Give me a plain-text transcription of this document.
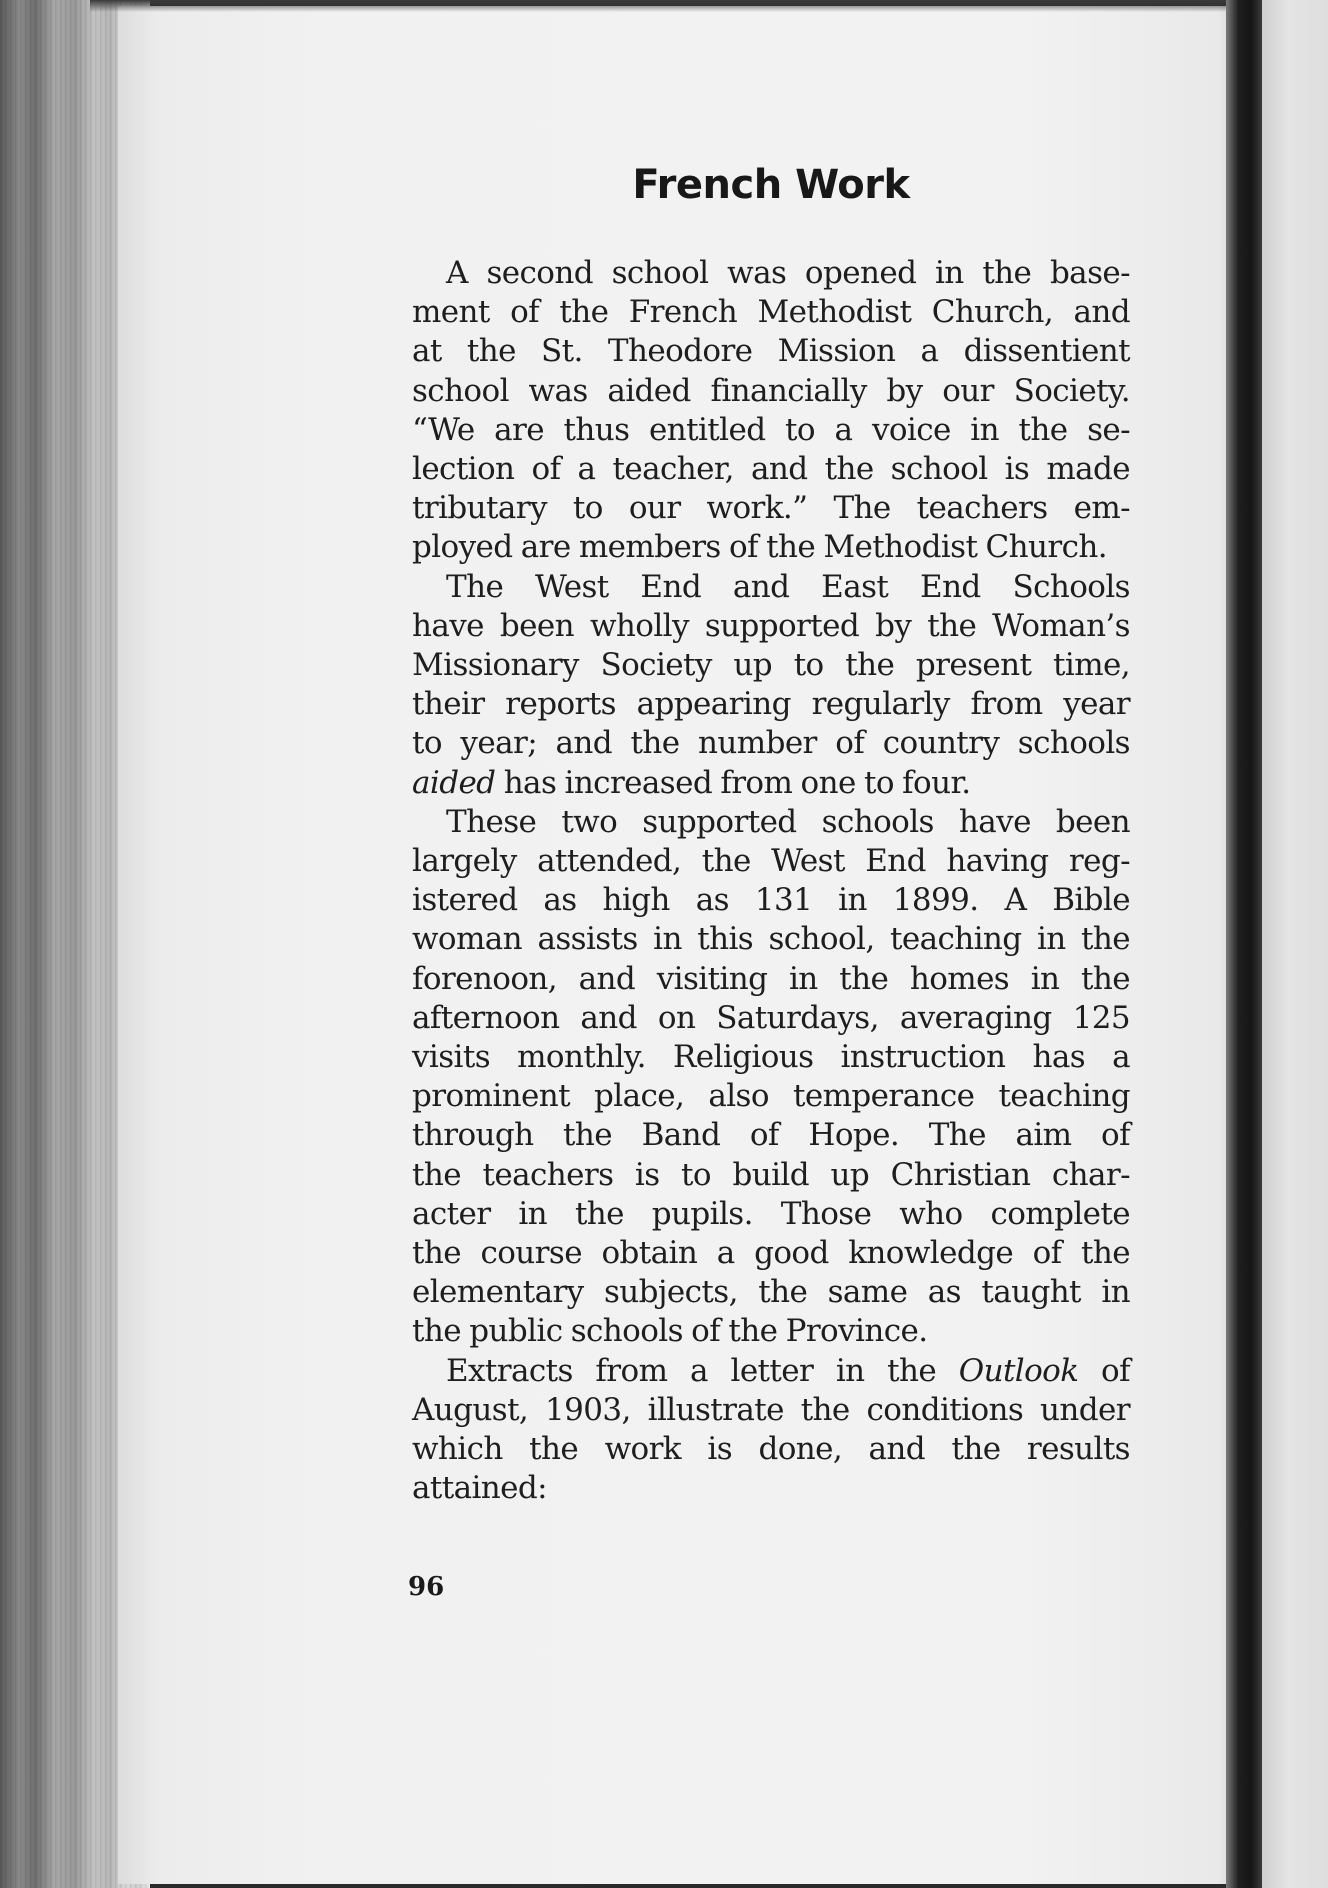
French Work
A second school was opened in the base-
ment of the French Methodist Church, and
at the St. Theodore Mission a dissentient
school was aided financially by our Society.
“We are thus entitled to a voice in the se-
lection of a teacher, and the school is made
tributary to our work.” The teachers em-
ployed are members of the Methodist Church.
The West End and East End Schools
have been wholly supported by the Woman’s
Missionary Society up to the present time,
their reports appearing regularly from year
to year; and the number of country schools
aided has increased from one to four.
These two supported schools have been
largely attended, the West End having reg-
istered as high as 131 in 1899. A Bible
woman assists in this school, teaching in the
forenoon, and visiting in the homes in the
afternoon and on Saturdays, averaging 125
visits monthly. Religious instruction has a
prominent place, also temperance teaching
through the Band of Hope. The aim of
the teachers is to build up Christian char-
acter in the pupils. Those who complete
the course obtain a good knowledge of the
elementary subjects, the same as taught in
the public schools of the Province.
Extracts from a letter in the Outlook of
August, 1903, illustrate the conditions under
which the work is done, and the results
attained:
96
